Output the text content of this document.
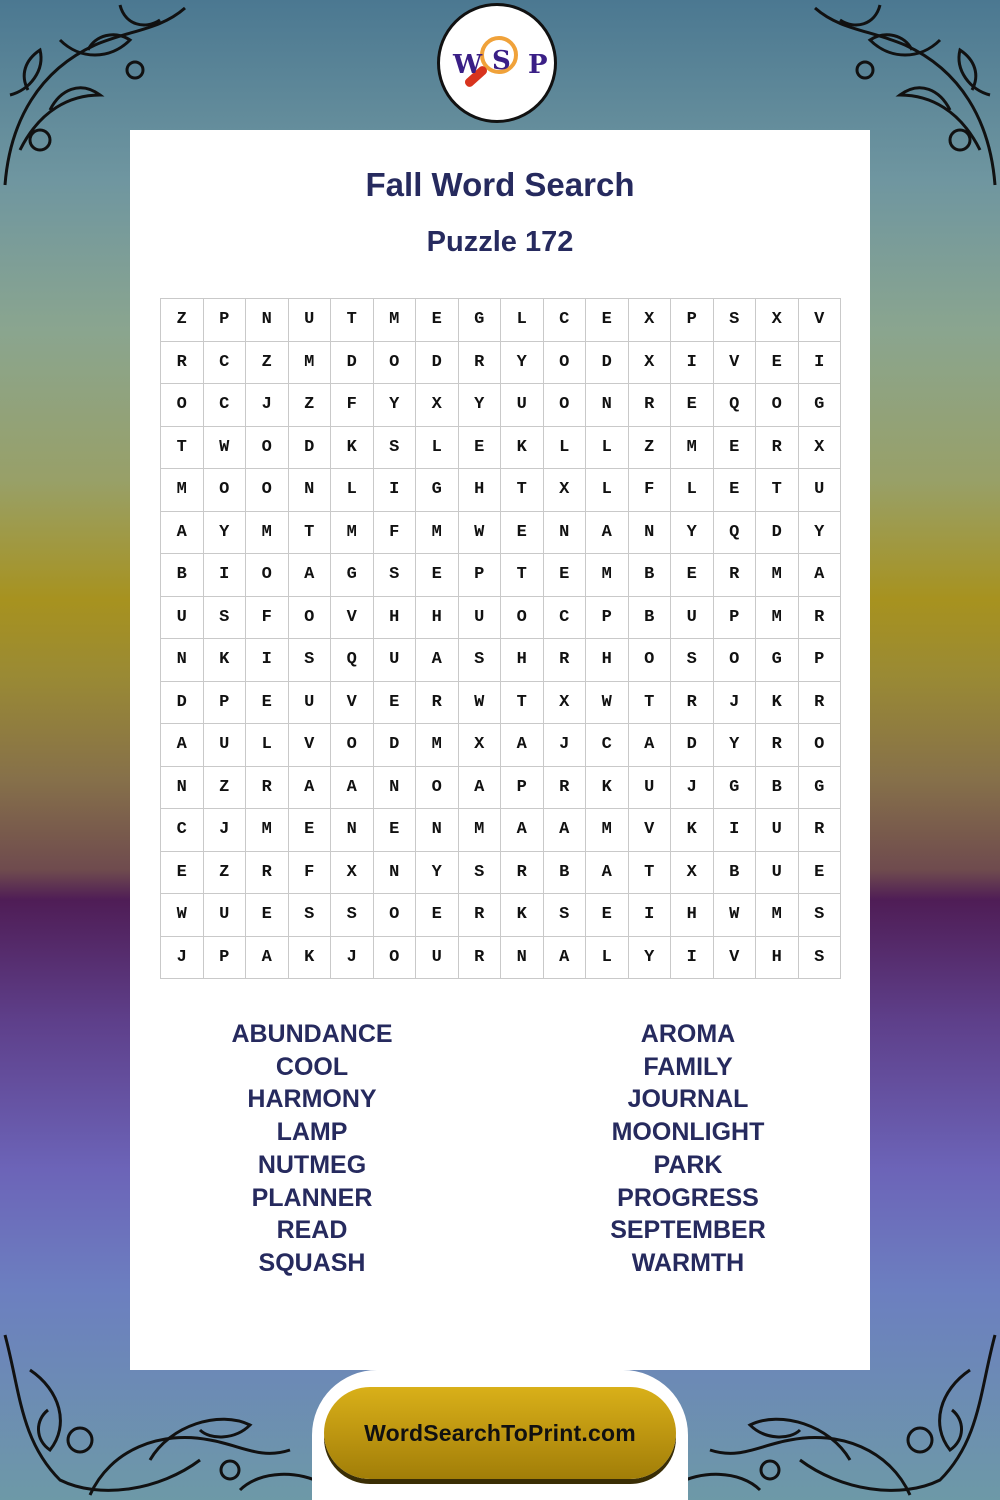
W S P
Fall Word Search
Puzzle 172
Z	P	N	U	T	M	E	G	L	C	E	X	P	S	X	V
R	C	Z	M	D	O	D	R	Y	O	D	X	I	V	E	I
O	C	J	Z	F	Y	X	Y	U	O	N	R	E	Q	O	G
T	W	O	D	K	S	L	E	K	L	L	Z	M	E	R	X
M	O	O	N	L	I	G	H	T	X	L	F	L	E	T	U
A	Y	M	T	M	F	M	W	E	N	A	N	Y	Q	D	Y
B	I	O	A	G	S	E	P	T	E	M	B	E	R	M	A
U	S	F	O	V	H	H	U	O	C	P	B	U	P	M	R
N	K	I	S	Q	U	A	S	H	R	H	O	S	O	G	P
D	P	E	U	V	E	R	W	T	X	W	T	R	J	K	R
A	U	L	V	O	D	M	X	A	J	C	A	D	Y	R	O
N	Z	R	A	A	N	O	A	P	R	K	U	J	G	B	G
C	J	M	E	N	E	N	M	A	A	M	V	K	I	U	R
E	Z	R	F	X	N	Y	S	R	B	A	T	X	B	U	E
W	U	E	S	S	O	E	R	K	S	E	I	H	W	M	S
J	P	A	K	J	O	U	R	N	A	L	Y	I	V	H	S
ABUNDANCE
COOL
HARMONY
LAMP
NUTMEG
PLANNER
READ
SQUASH
AROMA
FAMILY
JOURNAL
MOONLIGHT
PARK
PROGRESS
SEPTEMBER
WARMTH
WordSearchToPrint.com
